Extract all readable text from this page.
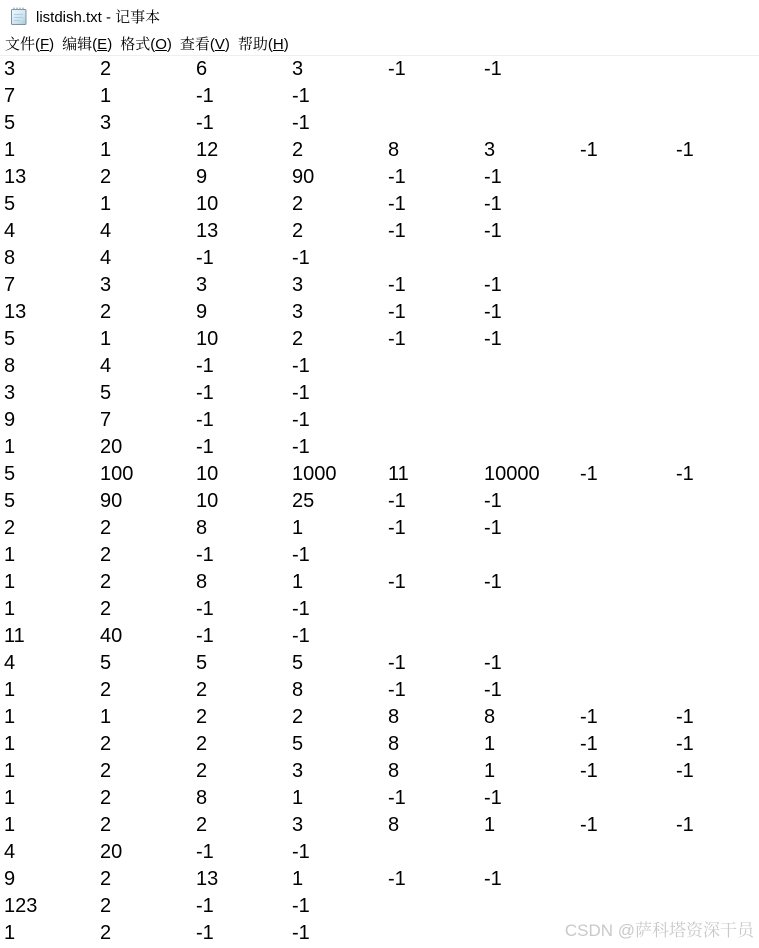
listdish.txt - 记事本
文件(F) 编辑(E) 格式(O) 查看(V) 帮助(H)
3	2	6	3	-1	-1
7	1	-1	-1
5	3	-1	-1
1	1	12	2	8	3	-1	-1
13	2	9	90	-1	-1
5	1	10	2	-1	-1
4	4	13	2	-1	-1
8	4	-1	-1
7	3	3	3	-1	-1
13	2	9	3	-1	-1
5	1	10	2	-1	-1
8	4	-1	-1
3	5	-1	-1
9	7	-1	-1
1	20	-1	-1
5	100	10	1000	11	10000 -1	-1
5	90	10	25	-1	-1
2	2	8	1	-1	-1
1	2	-1	-1
1	2	8	1	-1	-1
1	2	-1	-1
11	40	-1	-1
4	5	5	5	-1	-1
1	2	2	8	-1	-1
1	1	2	2	8	8	-1	-1
1	2	2	5	8	1	-1	-1
1	2	2	3	8	1	-1	-1
1	2	8	1	-1	-1
1	2	2	3	8	1	-1	-1
4	20	-1	-1
9	2	13	1	-1	-1
123	2	-1	-1
1	2	-1	-1	CSDN @萨科塔资深干员
